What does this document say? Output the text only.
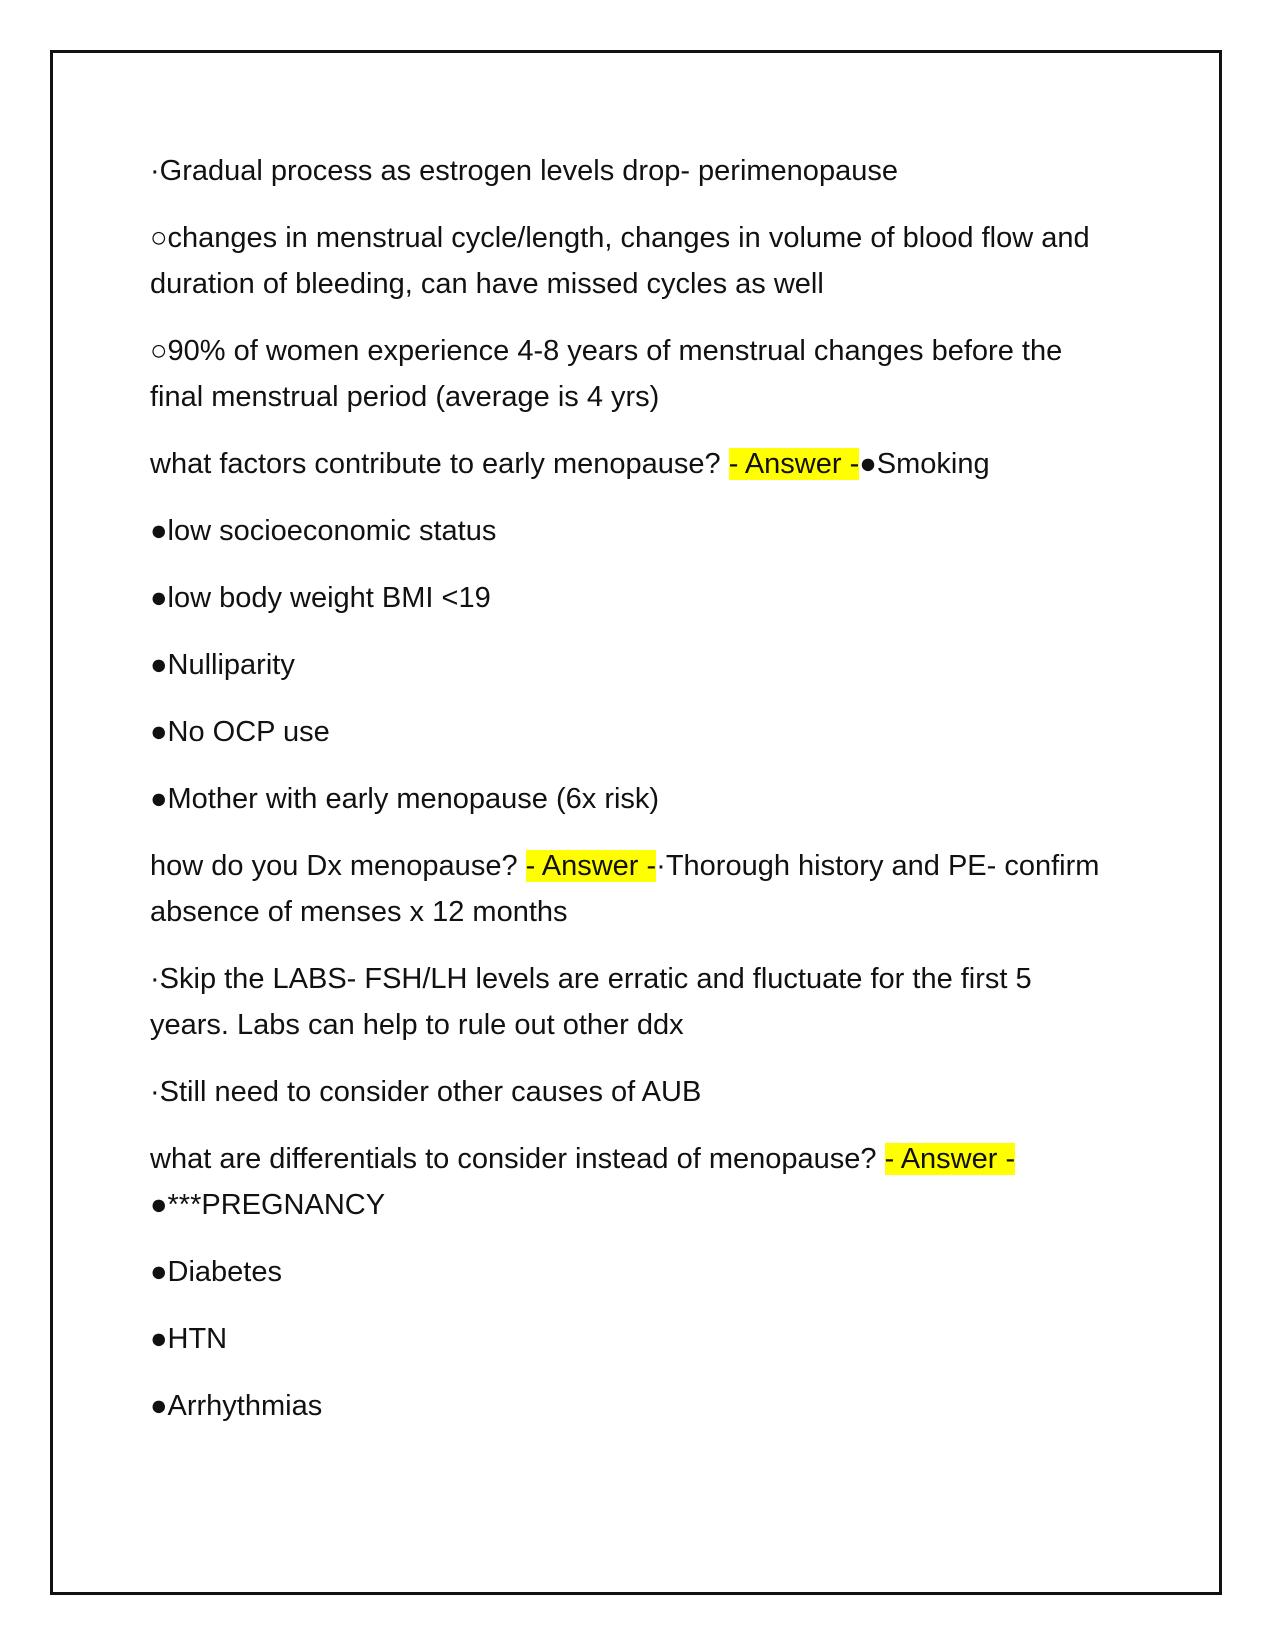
·Gradual process as estrogen levels drop- perimenopause

○changes in menstrual cycle/length, changes in volume of blood flow and duration of bleeding, can have missed cycles as well

○90% of women experience 4-8 years of menstrual changes before the final menstrual period (average is 4 yrs)

what factors contribute to early menopause? - Answer -●Smoking

●low socioeconomic status

●low body weight BMI <19

●Nulliparity

●No OCP use

●Mother with early menopause (6x risk)

how do you Dx menopause? - Answer -·Thorough history and PE- confirm absence of menses x 12 months

·Skip the LABS- FSH/LH levels are erratic and fluctuate for the first 5 years. Labs can help to rule out other ddx

·Still need to consider other causes of AUB

what are differentials to consider instead of menopause? - Answer -
●***PREGNANCY

●Diabetes

●HTN

●Arrhythmias
